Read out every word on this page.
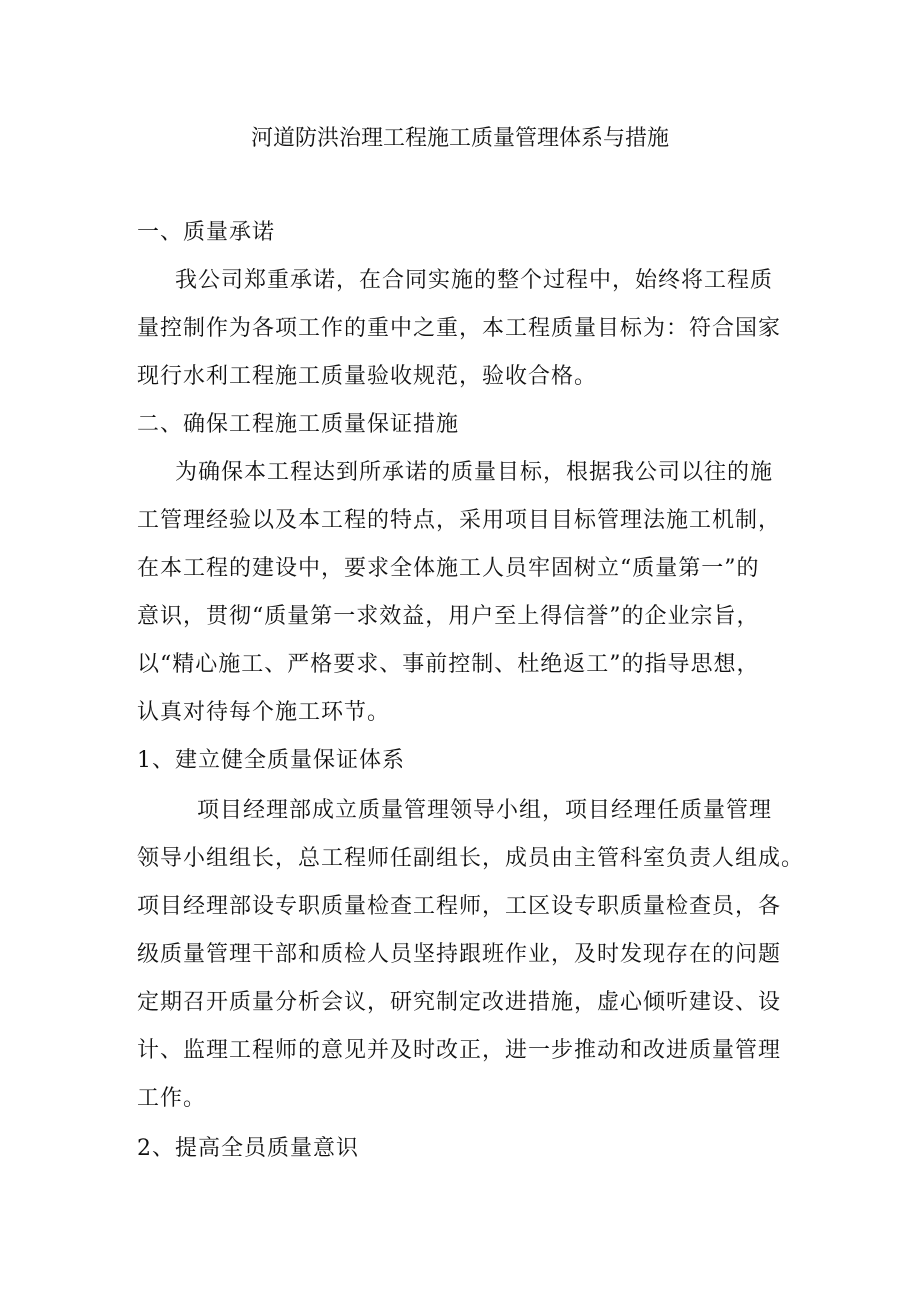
河道防洪治理工程施工质量管理体系与措施
一、质量承诺
我公司郑重承诺，在合同实施的整个过程中，始终将工程质
量控制作为各项工作的重中之重，本工程质量目标为：符合国家
现行水利工程施工质量验收规范，验收合格。
二、确保工程施工质量保证措施
为确保本工程达到所承诺的质量目标，根据我公司以往的施
工管理经验以及本工程的特点，采用项目目标管理法施工机制，
在本工程的建设中，要求全体施工人员牢固树立“质量第一”的
意识，贯彻“质量第一求效益，用户至上得信誉”的企业宗旨，
以“精心施工、严格要求、事前控制、杜绝返工”的指导思想，
认真对待每个施工环节。
1、建立健全质量保证体系
项目经理部成立质量管理领导小组，项目经理任质量管理
领导小组组长，总工程师任副组长，成员由主管科室负责人组成。
项目经理部设专职质量检查工程师，工区设专职质量检查员，各
级质量管理干部和质检人员坚持跟班作业，及时发现存在的问题
定期召开质量分析会议，研究制定改进措施，虚心倾听建设、设
计、监理工程师的意见并及时改正，进一步推动和改进质量管理
工作。
2、提高全员质量意识
